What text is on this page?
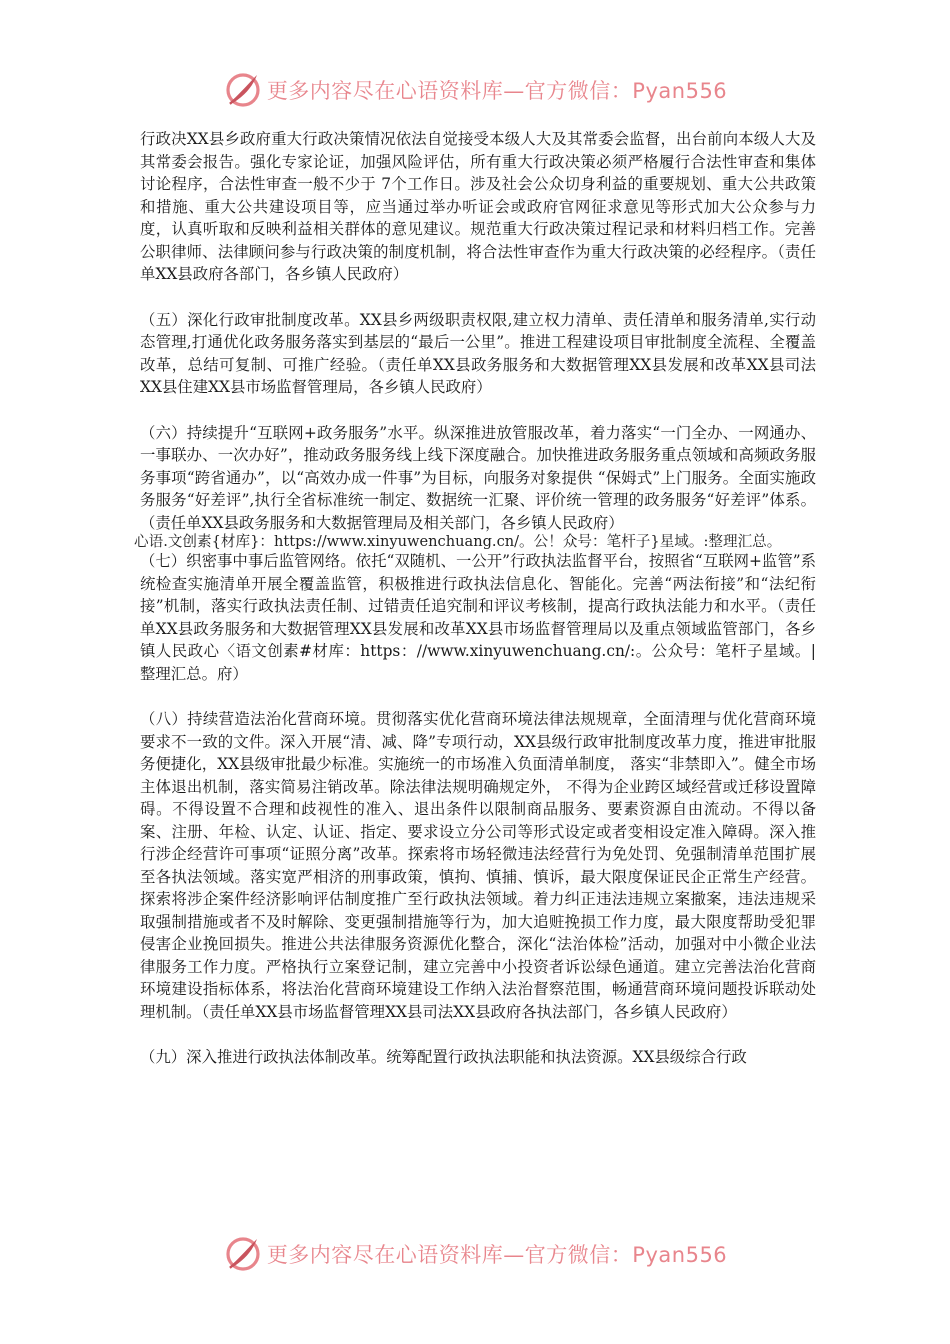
更多内容尽在心语资料库—官方微信：Pyan556

行政决XX县乡政府重大行政决策情况依法自觉接受本级人大及其常委会监督，出台前向本级人大及其常委会报告。强化专家论证，加强风险评估，所有重大行政决策必须严格履行合法性审查和集体讨论程序，合法性审查一般不少于 7个工作日。涉及社会公众切身利益的重要规划、重大公共政策和措施、重大公共建设项目等，应当通过举办听证会或政府官网征求意见等形式加大公众参与力度，认真听取和反映利益相关群体的意见建议。规范重大行政决策过程记录和材料归档工作。完善公职律师、法律顾问参与行政决策的制度机制，将合法性审查作为重大行政决策的必经程序。（责任单XX县政府各部门，各乡镇人民政府）

（五）深化行政审批制度改革。XX县乡两级职责权限,建立权力清单、责任清单和服务清单,实行动态管理,打通优化政务服务落实到基层的“最后一公里”。推进工程建设项目审批制度全流程、全覆盖改革，总结可复制、可推广经验。（责任单XX县政务服务和大数据管理XX县发展和改革XX县司法XX县住建XX县市场监督管理局，各乡镇人民政府）

（六）持续提升“互联网+政务服务”水平。纵深推进放管服改革，着力落实“一门全办、一网通办、一事联办、一次办好”，推动政务服务线上线下深度融合。加快推进政务服务重点领域和高频政务服务事项“跨省通办”，以“高效办成一件事”为目标，向服务对象提供 “保姆式”上门服务。全面实施政务服务“好差评”,执行全省标准统一制定、数据统一汇聚、评价统一管理的政务服务“好差评”体系。（责任单XX县政务服务和大数据管理局及相关部门，各乡镇人民政府）

心语.文创素{材库}：https://www.xinyuwenchuang.cn/。公！众号：笔杆子}星域。:整理汇总。

（七）织密事中事后监管网络。依托“双随机、一公开”行政执法监督平台，按照省“互联网+监管”系统检查实施清单开展全覆盖监管，积极推进行政执法信息化、智能化。完善“两法衔接”和“法纪衔接”机制，落实行政执法责任制、过错责任追究制和评议考核制，提高行政执法能力和水平。（责任单XX县政务服务和大数据管理XX县发展和改革XX县市场监督管理局以及重点领域监管部门，各乡镇人民政心〈语文创素#材库：https：//www.xinyuwenchuang.cn/:。公众号：笔杆子星域。|整理汇总。府）

（八）持续营造法治化营商环境。贯彻落实优化营商环境法律法规规章，全面清理与优化营商环境要求不一致的文件。深入开展“清、减、降”专项行动，XX县级行政审批制度改革力度，推进审批服务便捷化，XX县级审批最少标准。实施统一的市场准入负面清单制度， 落实“非禁即入”。健全市场主体退出机制，落实简易注销改革。除法律法规明确规定外， 不得为企业跨区域经营或迁移设置障碍。不得设置不合理和歧视性的准入、退出条件以限制商品服务、要素资源自由流动。不得以备案、注册、年检、认定、认证、指定、要求设立分公司等形式设定或者变相设定准入障碍。深入推行涉企经营许可事项“证照分离”改革。探索将市场轻微违法经营行为免处罚、免强制清单范围扩展至各执法领域。落实宽严相济的刑事政策，慎拘、慎捕、慎诉，最大限度保证民企正常生产经营。探索将涉企案件经济影响评估制度推广至行政执法领域。着力纠正违法违规立案撤案，违法违规采取强制措施或者不及时解除、变更强制措施等行为，加大追赃挽损工作力度，最大限度帮助受犯罪侵害企业挽回损失。推进公共法律服务资源优化整合，深化“法治体检”活动，加强对中小微企业法律服务工作力度。严格执行立案登记制，建立完善中小投资者诉讼绿色通道。建立完善法治化营商环境建设指标体系，将法治化营商环境建设工作纳入法治督察范围，畅通营商环境问题投诉联动处理机制。（责任单XX县市场监督管理XX县司法XX县政府各执法部门，各乡镇人民政府）

（九）深入推进行政执法体制改革。统筹配置行政执法职能和执法资源。XX县级综合行政

更多内容尽在心语资料库—官方微信：Pyan556
